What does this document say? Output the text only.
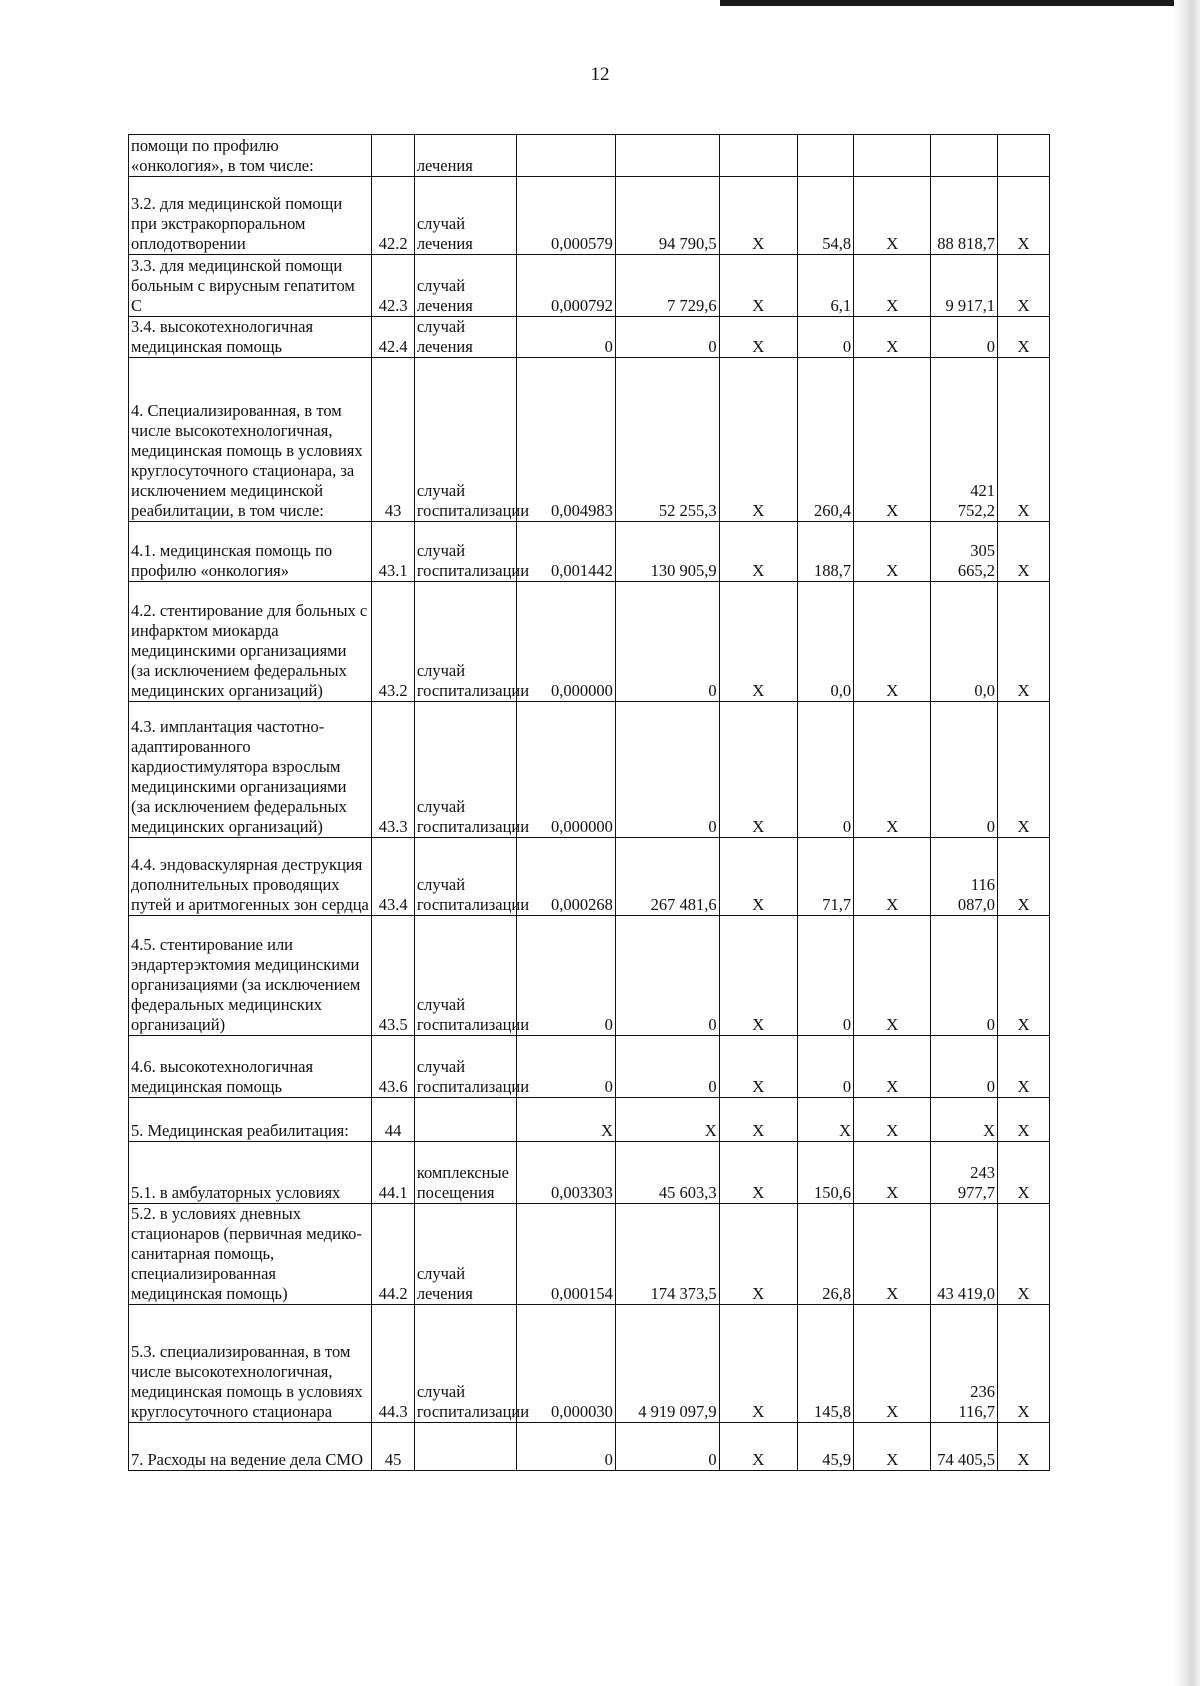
12
помощи по профилю «онкология», в том числе:		лечения							
3.2. для медицинской помощи при экстракорпоральном оплодотворении	42.2	случай лечения	0,000579	94 790,5	Х	54,8	Х	88 818,7	Х
3.3. для медицинской помощи больным с вирусным гепатитом С	42.3	случай лечения	0,000792	7 729,6	Х	6,1	Х	9 917,1	Х
3.4. высокотехнологичная медицинская помощь	42.4	случай лечения	0	0	Х	0	Х	0	Х
4. Специализированная, в том числе высокотехнологичная, медицинская помощь в условиях круглосуточного стационара, за исключением медицинской реабилитации, в том числе:	43	случай госпитализации	0,004983	52 255,3	Х	260,4	Х	421 752,2	Х
4.1. медицинская помощь по профилю «онкология»	43.1	случай госпитализации	0,001442	130 905,9	Х	188,7	Х	305 665,2	Х
4.2. стентирование для больных с инфарктом миокарда медицинскими организациями (за исключением федеральных медицинских организаций)	43.2	случай госпитализации	0,000000	0	Х	0,0	Х	0,0	Х
4.3. имплантация частотно-адаптированного кардиостимулятора взрослым медицинскими организациями (за исключением федеральных медицинских организаций)	43.3	случай госпитализации	0,000000	0	Х	0	Х	0	Х
4.4. эндоваскулярная деструкция дополнительных проводящих путей и аритмогенных зон сердца	43.4	случай госпитализации	0,000268	267 481,6	Х	71,7	Х	116 087,0	Х
4.5. стентирование или эндартерэктомия медицинскими организациями (за исключением федеральных медицинских организаций)	43.5	случай госпитализации	0	0	Х	0	Х	0	Х
4.6. высокотехнологичная медицинская помощь	43.6	случай госпитализации	0	0	Х	0	Х	0	Х
5. Медицинская реабилитация:	44		Х	Х	Х	Х	Х	Х	Х
5.1. в амбулаторных условиях	44.1	комплексные посещения	0,003303	45 603,3	Х	150,6	Х	243 977,7	Х
5.2. в условиях дневных стационаров (первичная медико-санитарная помощь, специализированная медицинская помощь)	44.2	случай лечения	0,000154	174 373,5	Х	26,8	Х	43 419,0	Х
5.3. специализированная, в том числе высокотехнологичная, медицинская помощь в условиях круглосуточного стационара	44.3	случай госпитализации	0,000030	4 919 097,9	Х	145,8	Х	236 116,7	Х
7. Расходы на ведение дела СМО	45		0	0	Х	45,9	Х	74 405,5	Х
